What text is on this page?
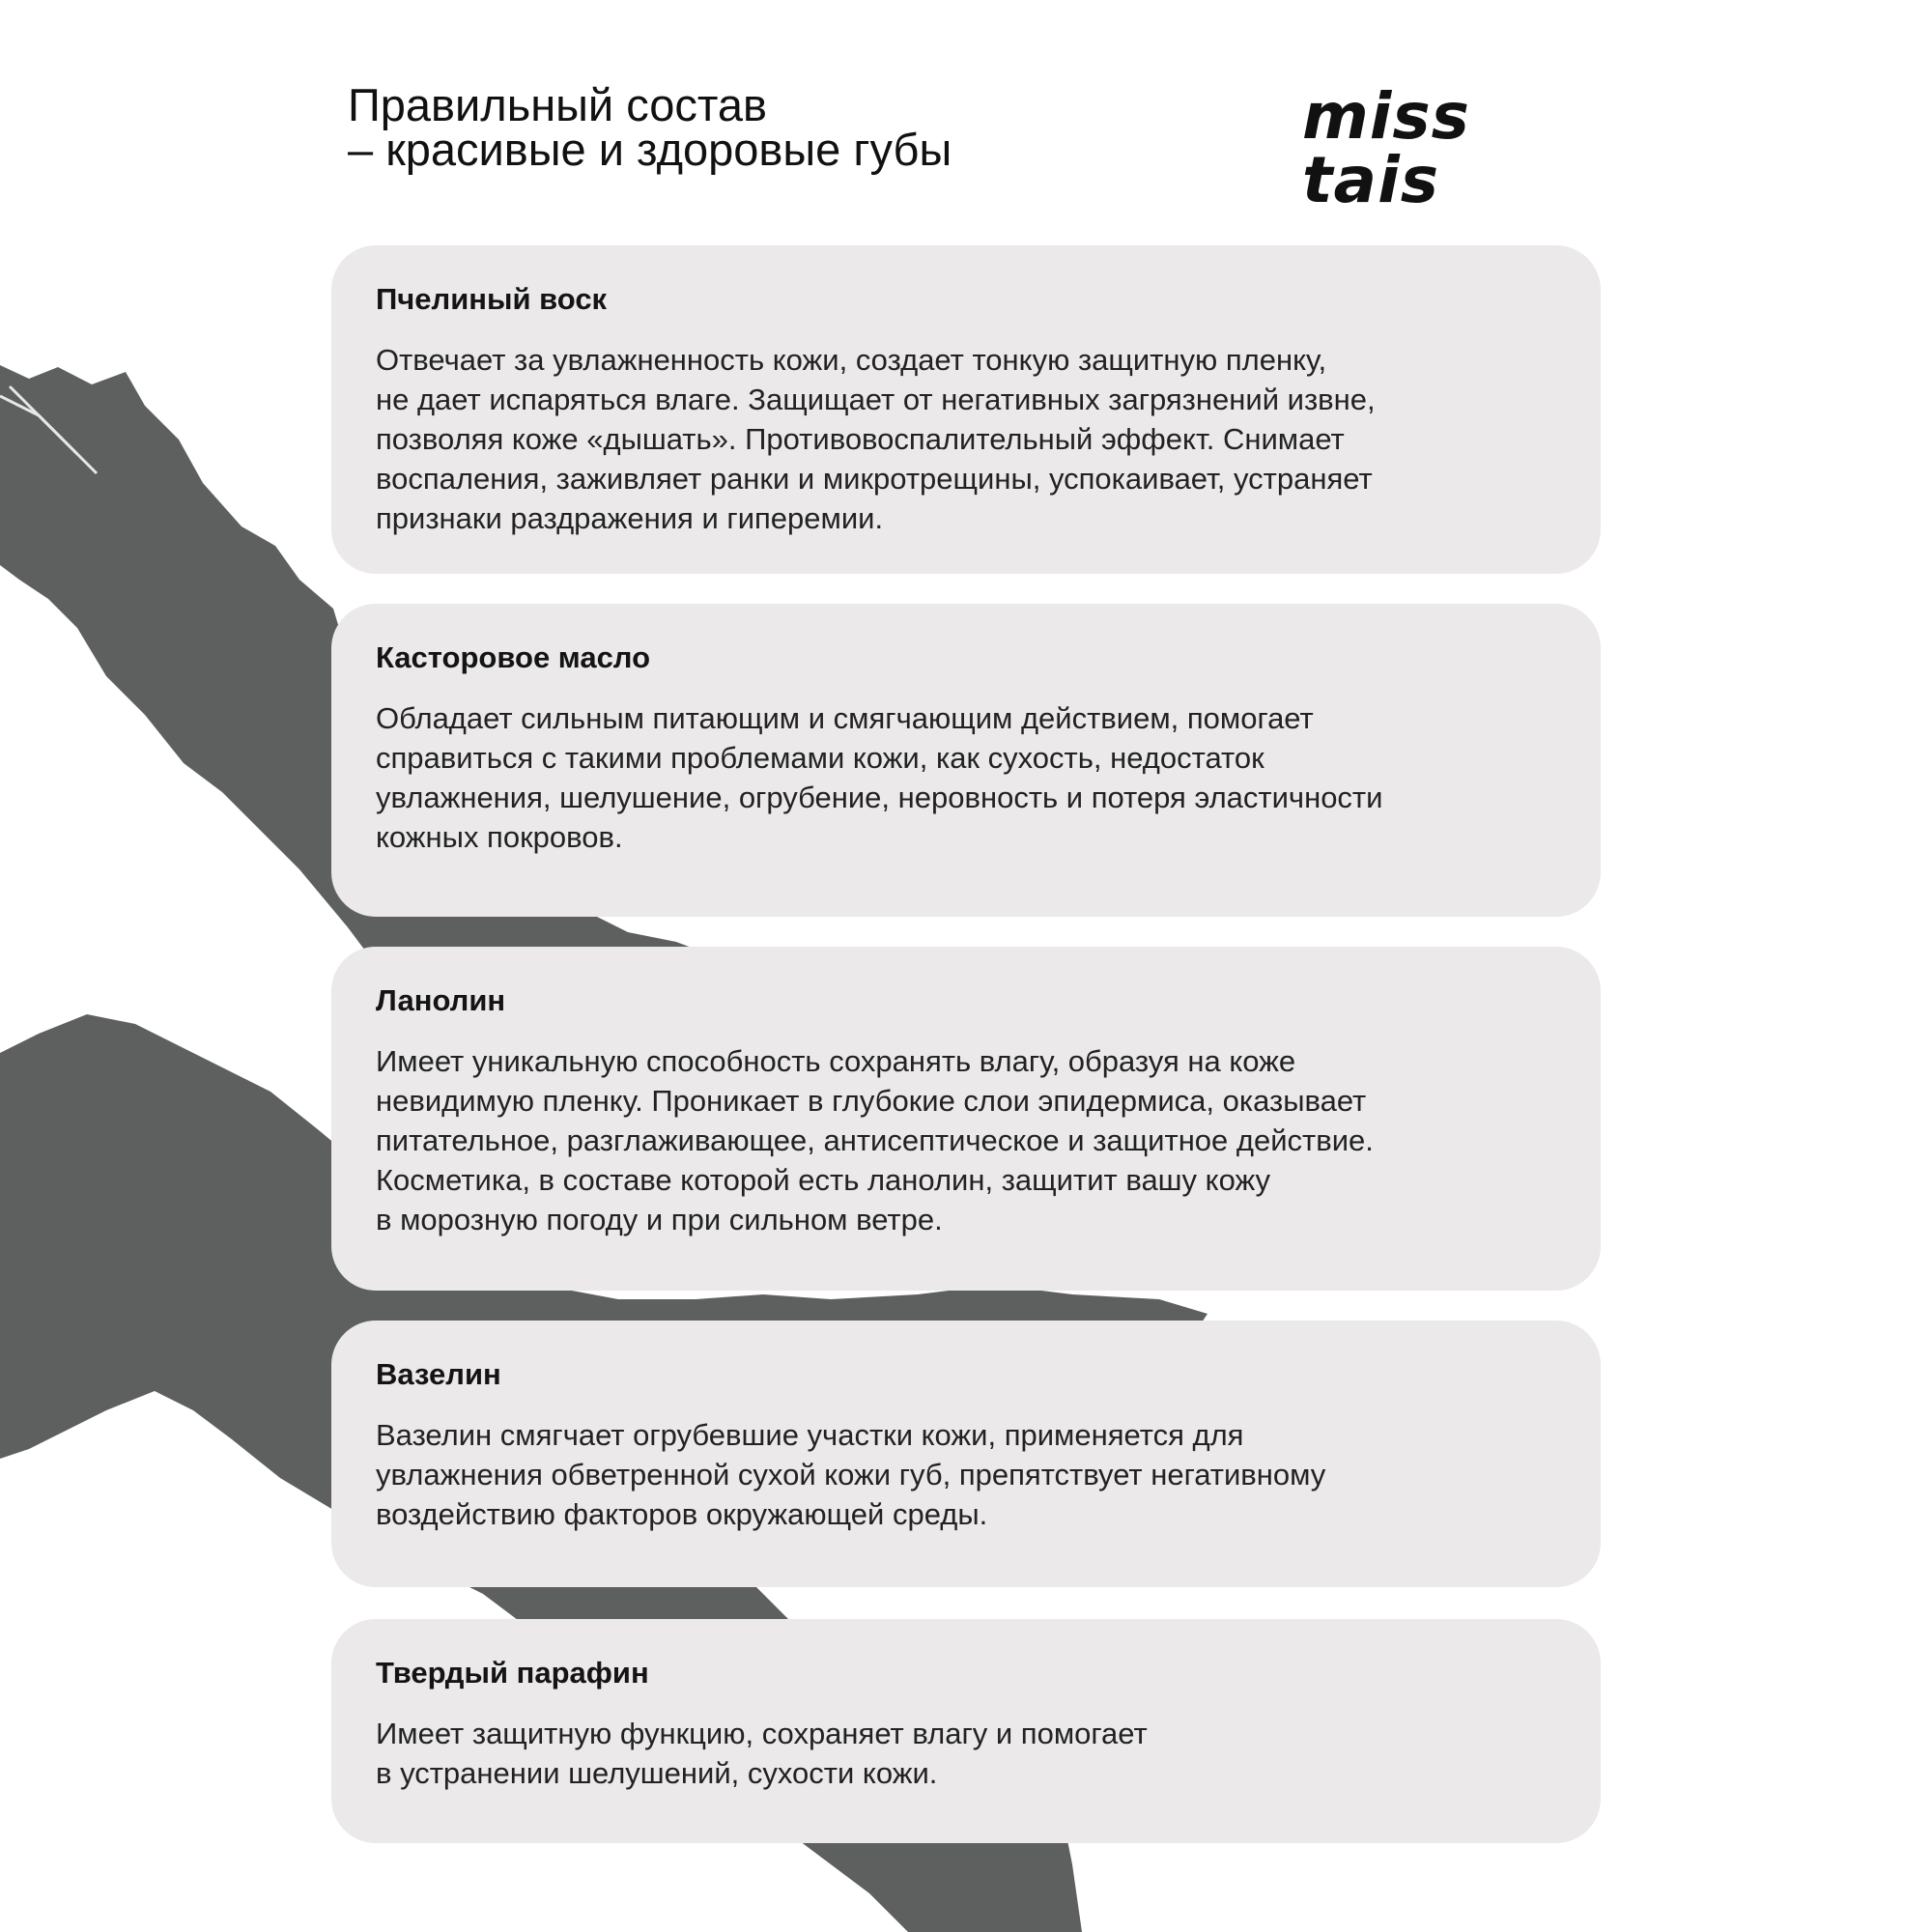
Правильный состав
– красивые и здоровые губы	miss tais
Пчелиный воск

Отвечает за увлажненность кожи, создает тонкую защитную пленку,
не дает испаряться влаге. Защищает от негативных загрязнений извне,
позволяя коже «дышать». Противовоспалительный эффект. Снимает
воспаления, заживляет ранки и микротрещины, успокаивает, устраняет
признаки раздражения и гиперемии.

Касторовое масло

Обладает сильным питающим и смягчающим действием, помогает
справиться с такими проблемами кожи, как сухость, недостаток
увлажнения, шелушение, огрубение, неровность и потеря эластичности
кожных покровов.

Ланолин

Имеет уникальную способность сохранять влагу, образуя на коже
невидимую пленку. Проникает в глубокие слои эпидермиса, оказывает
питательное, разглаживающее, антисептическое и защитное действие.
Косметика, в составе которой есть ланолин, защитит вашу кожу
в морозную погоду и при сильном ветре.

Вазелин

Вазелин смягчает огрубевшие участки кожи, применяется для
увлажнения обветренной сухой кожи губ, препятствует негативному
воздействию факторов окружающей среды.

Твердый парафин

Имеет защитную функцию, сохраняет влагу и помогает
в устранении шелушений, сухости кожи.
